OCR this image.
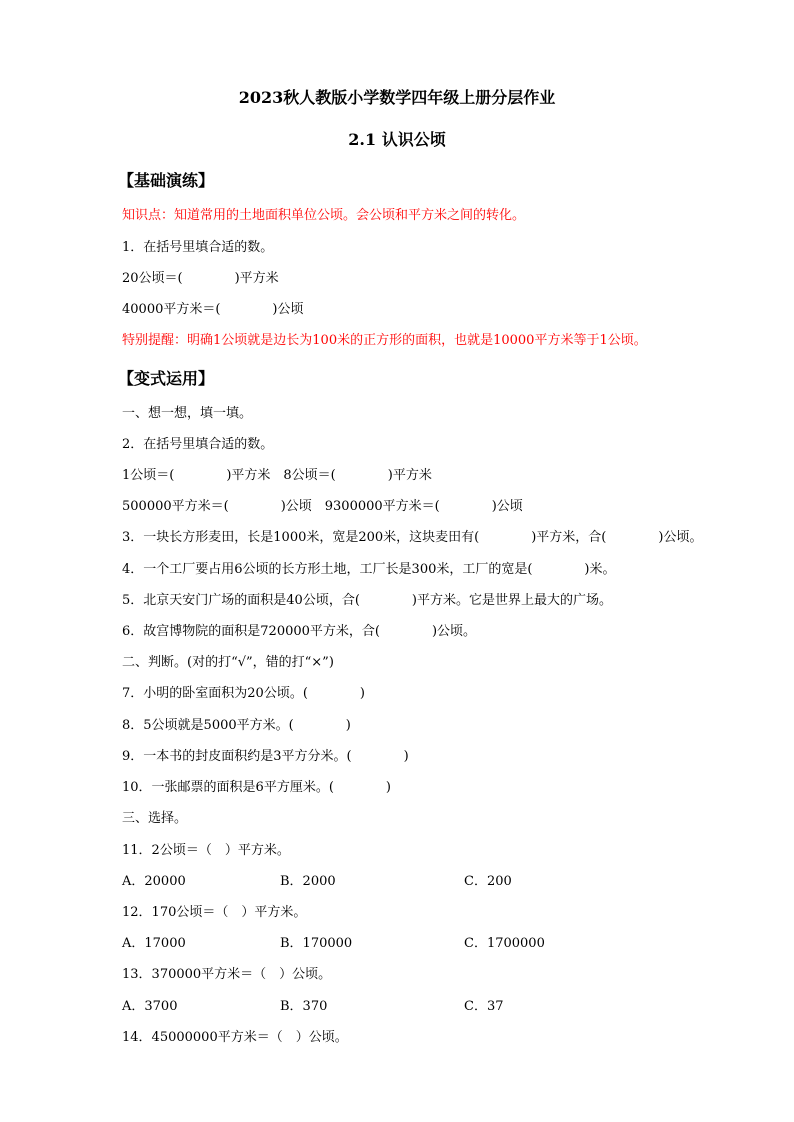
2023秋人教版小学数学四年级上册分层作业
2.1 认识公顷
【基础演练】
知识点：知道常用的土地面积单位公顷。会公顷和平方米之间的转化。
1．在括号里填合适的数。
20公顷＝(　　　　)平方米
40000平方米＝(　　　　)公顷
特别提醒：明确1公顷就是边长为100米的正方形的面积，也就是10000平方米等于1公顷。
【变式运用】
一、想一想，填一填。
2．在括号里填合适的数。
1公顷＝(　　　　)平方米　8公顷＝(　　　　)平方米
500000平方米＝(　　　　)公顷　9300000平方米＝(　　　　)公顷
3．一块长方形麦田，长是1000米，宽是200米，这块麦田有(　　　　)平方米，合(　　　　)公顷。
4．一个工厂要占用6公顷的长方形土地，工厂长是300米，工厂的宽是(　　　　)米。
5．北京天安门广场的面积是40公顷，合(　　　　)平方米。它是世界上最大的广场。
6．故宫博物院的面积是720000平方米，合(　　　　)公顷。
二、判断。(对的打“√”，错的打“×”)
7．小明的卧室面积为20公顷。(　　　　)
8．5公顷就是5000平方米。(　　　　)
9．一本书的封皮面积约是3平方分米。(　　　　)
10．一张邮票的面积是6平方厘米。(　　　　)
三、选择。
11．2公顷＝（　）平方米。
A．20000	B．2000	C．200
12．170公顷＝（　）平方米。
A．17000	B．170000	C．1700000
13．370000平方米＝（　）公顷。
A．3700	B．370	C．37
14．45000000平方米＝（　）公顷。
